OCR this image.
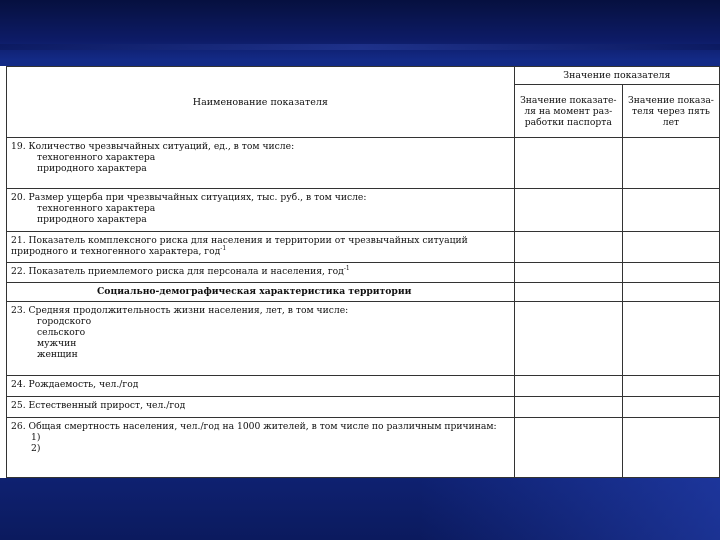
Наименование показателя	Значение показателя	
	Значение показате-ля на момент раз-работки паспорта	Значение показа-теля через пять лет

19. Количество чрезвычайных ситуаций, ед., в том числе:
техногенного характера
природного характера		

20. Размер ущерба при чрезвычайных ситуациях, тыс. руб., в том числе:
техногенного характера
природного характера		

21. Показатель комплексного риска для населения и территории от чрезвычайных ситуаций природного и техногенного характера, год$^{-1}$		
22. Показатель приемлемого риска для персонала и населения, год$^{-1}$		
Социально-демографическая характеристика территории		

23. Средняя продолжительность жизни населения, лет, в том числе:
городского
сельского
мужчин
женщин		

24. Рождаемость, чел./год		
25. Естественный прирост, чел./год		

26. Общая смертность населения, чел./год на 1000 жителей, в том числе по различным причинам:
1)
2)		
